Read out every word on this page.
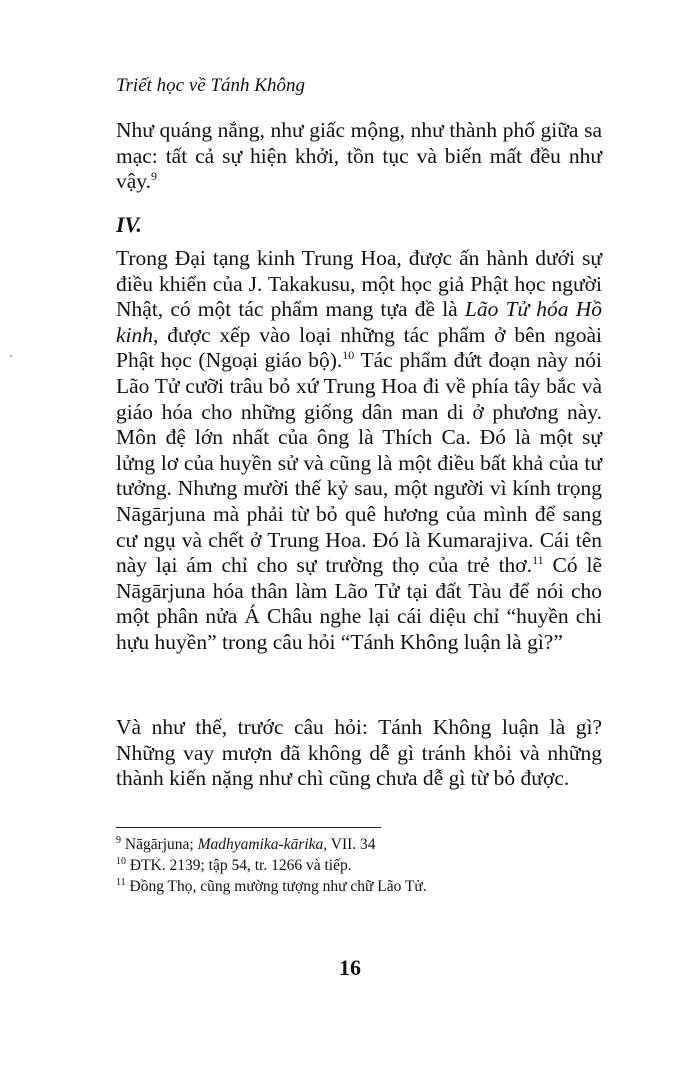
Triết học về Tánh Không

Như quáng nắng, như giấc mộng, như thành phố giữa sa mạc: tất cả sự hiện khởi, tồn tục và biến mất đều như vậy.$^9$

IV.

Trong Đại tạng kinh Trung Hoa, được ấn hành dưới sự điều khiển của J. Takakusu, một học giả Phật học người Nhật, có một tác phẩm mang tựa đề là Lão Tử hóa Hồ kinh, được xếp vào loại những tác phẩm ở bên ngoài Phật học (Ngoại giáo bộ).$^{10}$ Tác phẩm đứt đoạn này nói Lão Tử cưỡi trâu bỏ xứ Trung Hoa đi về phía tây bắc và giáo hóa cho những giống dân man di ở phương này. Môn đệ lớn nhất của ông là Thích Ca. Đó là một sự lửng lơ của huyền sử và cũng là một điều bất khả của tư tưởng. Nhưng mười thế kỷ sau, một người vì kính trọng Nāgārjuna mà phải từ bỏ quê hương của mình để sang cư ngụ và chết ở Trung Hoa. Đó là Kumarajiva. Cái tên này lại ám chỉ cho sự trường thọ của trẻ thơ.$^{11}$ Có lẽ Nāgārjuna hóa thân làm Lão Tử tại đất Tàu để nói cho một phân nửa Á Châu nghe lại cái diệu chỉ “huyền chi hựu huyền” trong câu hỏi “Tánh Không luận là gì?”

Và như thế, trước câu hỏi: Tánh Không luận là gì? Những vay mượn đã không dễ gì tránh khỏi và những thành kiến nặng như chì cũng chưa dễ gì từ bỏ được.

$^9$ Nāgārjuna; Madhyamika-kārika, VII. 34
$^{10}$ ĐTK. 2139; tập 54, tr. 1266 và tiếp.
$^{11}$ Đồng Thọ, cũng mường tượng như chữ Lão Tử.
16
